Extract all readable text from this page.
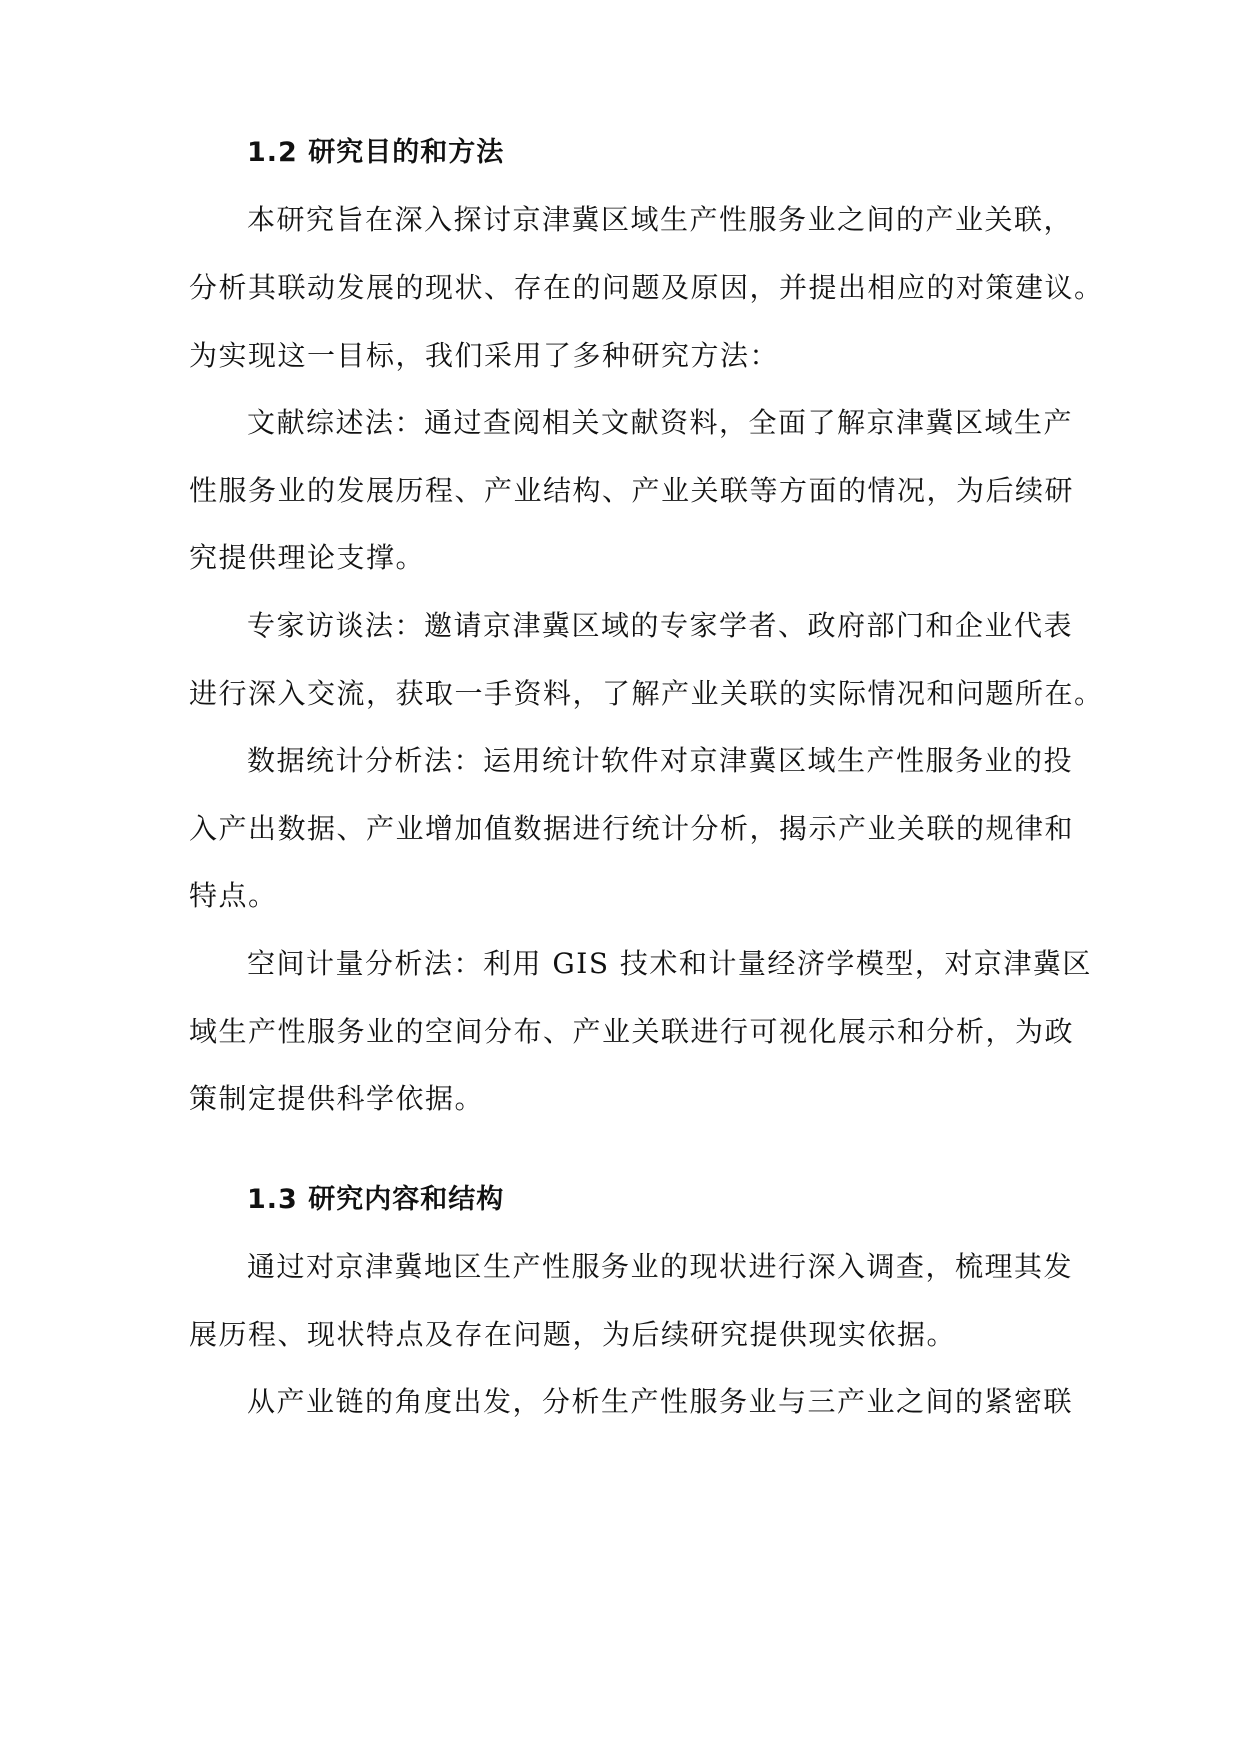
1.2 研究目的和方法
本研究旨在深入探讨京津冀区域生产性服务业之间的产业关联，
分析其联动发展的现状、存在的问题及原因，并提出相应的对策建议。
为实现这一目标，我们采用了多种研究方法：
文献综述法：通过查阅相关文献资料，全面了解京津冀区域生产
性服务业的发展历程、产业结构、产业关联等方面的情况，为后续研
究提供理论支撑。
专家访谈法：邀请京津冀区域的专家学者、政府部门和企业代表
进行深入交流，获取一手资料，了解产业关联的实际情况和问题所在。
数据统计分析法：运用统计软件对京津冀区域生产性服务业的投
入产出数据、产业增加值数据进行统计分析，揭示产业关联的规律和
特点。
空间计量分析法：利用 GIS 技术和计量经济学模型，对京津冀区
域生产性服务业的空间分布、产业关联进行可视化展示和分析，为政
策制定提供科学依据。
1.3 研究内容和结构
通过对京津冀地区生产性服务业的现状进行深入调查，梳理其发
展历程、现状特点及存在问题，为后续研究提供现实依据。
从产业链的角度出发，分析生产性服务业与三产业之间的紧密联
